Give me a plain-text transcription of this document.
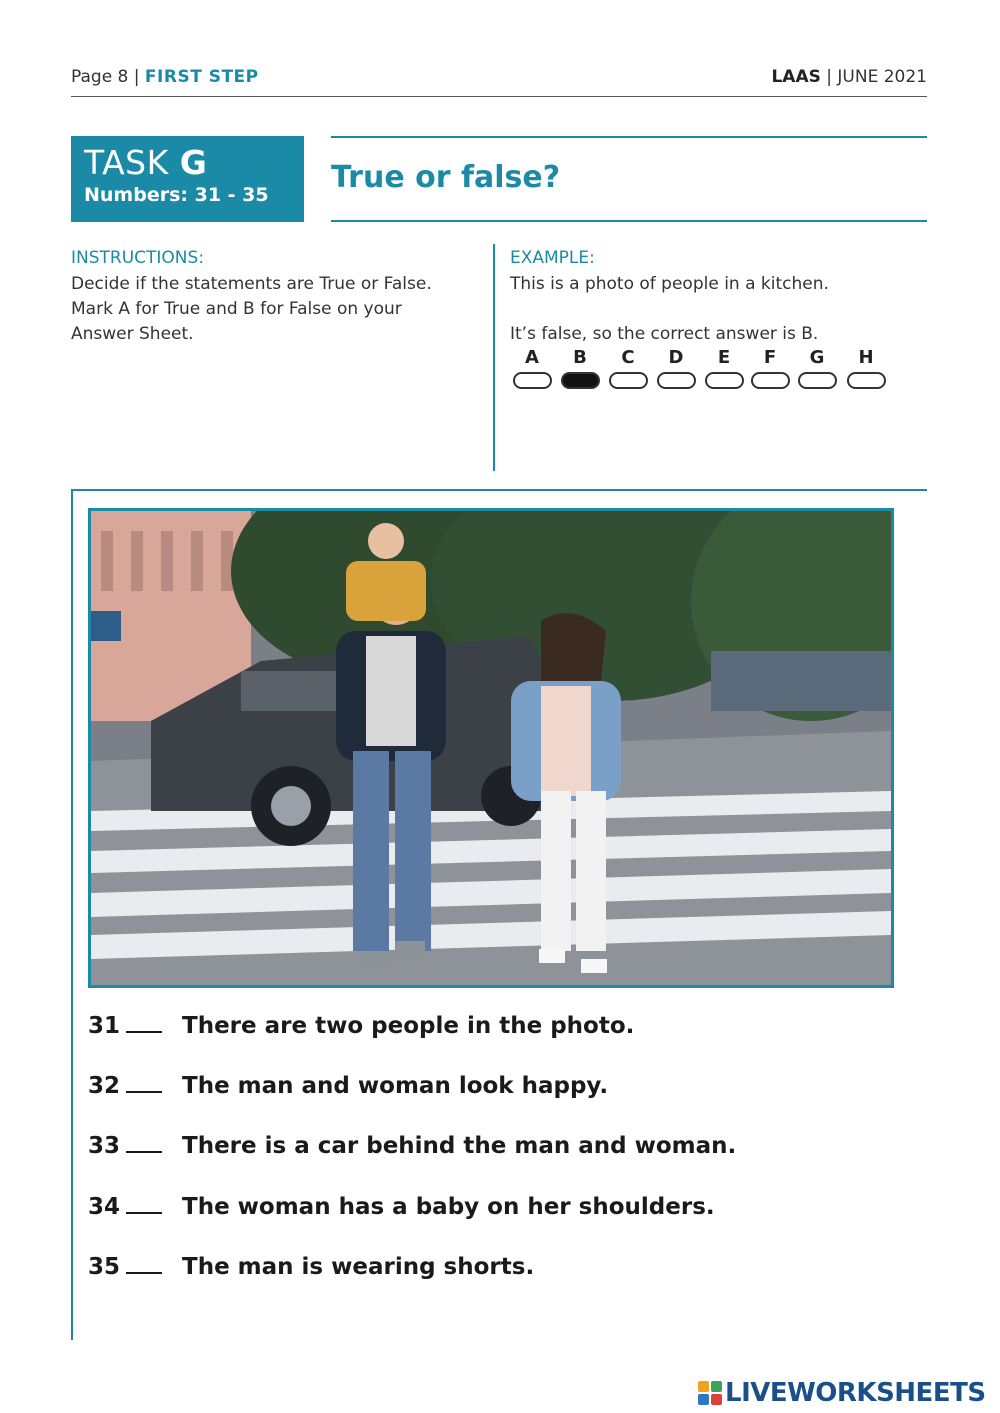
Page 8 | FIRST STEP	LAAS | JUNE 2021
TASK G
Numbers: 31 - 35 True or false?
INSTRUCTIONS:
Decide if the statements are True or False.
Mark A for True and B for False on your
Answer Sheet.
EXAMPLE:
This is a photo of people in a kitchen.
It’s false, so the correct answer is B.
A	B	C	D	E	F	G	H
31	There are two people in the photo.
32	The man and woman look happy.
33	There is a car behind the man and woman.
34	The woman has a baby on her shoulders.
35	The man is wearing shorts.
LIVEWORKSHEETS
